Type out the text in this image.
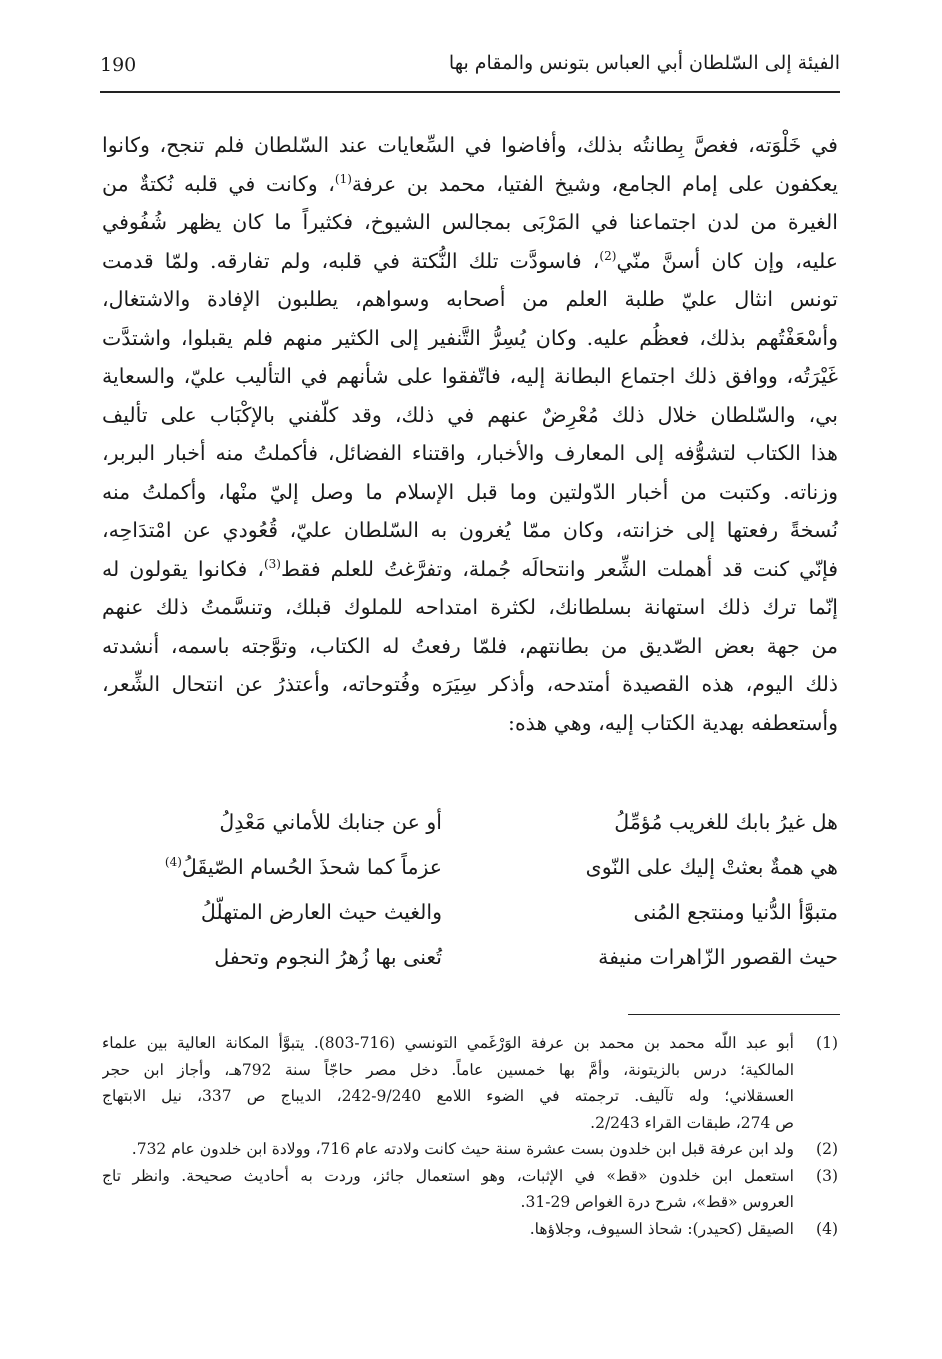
190	الفيئة إلى السّلطان أبي العباس بتونس والمقام بها
في خَلْوَته، فغصَّ بِطانتُه بذلك، وأفاضوا في السِّعايات عند السّلطان فلم تنجح، وكانوا
يعكفون على إمام الجامع، وشيخ الفتيا، محمد بن عرفة$^{(1)}$، وكانت في قلبه نُكتةٌ من
الغيرة من لدن اجتماعنا في المَرْبَى بمجالس الشيوخ، فكثيراً ما كان يظهر شُفُوفي
عليه، وإن كان أسنَّ منّي$^{(2)}$، فاسودَّت تلك النُّكتة في قلبه، ولم تفارقه. ولمّا قدمت
تونس انثال عليّ طلبة العلم من أصحابه وسواهم، يطلبون الإفادة والاشتغال،
وأسْعَفْتُهم بذلك، فعظُم عليه. وكان يُسِرُّ التَّنفير إلى الكثير منهم فلم يقبلوا، واشتدَّت
غَيْرَتُه، ووافق ذلك اجتماع البطانة إليه، فاتّفقوا على شأنهم في التأليب عليّ، والسعاية
بي، والسّلطان خلال ذلك مُعْرِضٌ عنهم في ذلك، وقد كلّفني بالإكْبَاب على تأليف
هذا الكتاب لتشوُّفه إلى المعارف والأخبار، واقتناء الفضائل، فأكملتُ منه أخبار البربر،
وزناته. وكتبت من أخبار الدّولتين وما قبل الإسلام ما وصل إليّ منْها، وأكملتُ منه
نُسخةً رفعتها إلى خزانته، وكان ممّا يُغرون به السّلطان عليّ، قُعُودي عن امْتدَاحِه،
فإنّي كنت قد أهملت الشِّعر وانتحالَه جُملة، وتفرَّغتُ للعلم فقط$^{(3)}$، فكانوا يقولون له
إنّما ترك ذلك استهانة بسلطانك، لكثرة امتداحه للملوك قبلك، وتنسَّمتُ ذلك عنهم
من جهة بعض الصّديق من بطانتهم، فلمّا رفعتُ له الكتاب، وتوَّجته باسمه، أنشدته
ذلك اليوم، هذه القصيدة أمتدحه، وأذكر سِيَرَه وفُتوحاته، وأعتذرُ عن انتحال الشِّعر،
وأستعطفه بهدية الكتاب إليه، وهي هذه:
هل غيرُ بابك للغريب مُؤمِّلُ
أو عن جنابك للأماني مَعْدِلُ
هي همةٌ بعثتْ إليك على النّوى
عزماً كما شحذَ الحُسام الصّيقَلُ$^{(4)}$
متبوَّأ الدُّنيا ومنتجع المُنى
والغيث حيث العارض المتهلّلُ
حيث القصور الزّاهرات منيفة
تُعنى بها زُهرُ النجوم وتحفل
(1)
أبو عبد اللّه محمد بن محمد بن عرفة الوَرْغَمي التونسي (716-803). يتبوَّأ المكانة العالية بين علماء
المالكية؛ درس بالزيتونة، وأمَّ بها خمسين عاماً. دخل مصر حاجّاً سنة 792هـ، وأجاز ابن حجر
العسقلاني؛ وله تآليف. ترجمته في الضوء اللامع 9/240-242، الديباج ص 337، نيل الابتهاج
ص 274، طبقات القراء 2/243.
(2)
ولد ابن عرفة قبل ابن خلدون بست عشرة سنة حيث كانت ولادته عام 716، وولادة ابن خلدون عام 732.
(3)
استعمل ابن خلدون «قط» في الإثبات، وهو استعمال جائز، وردت به أحاديث صحيحة. وانظر تاج
العروس «قط»، شرح درة الغواص 29-31.
(4)
الصيقل (كحيدر): شحاذ السيوف، وجلاؤها.
